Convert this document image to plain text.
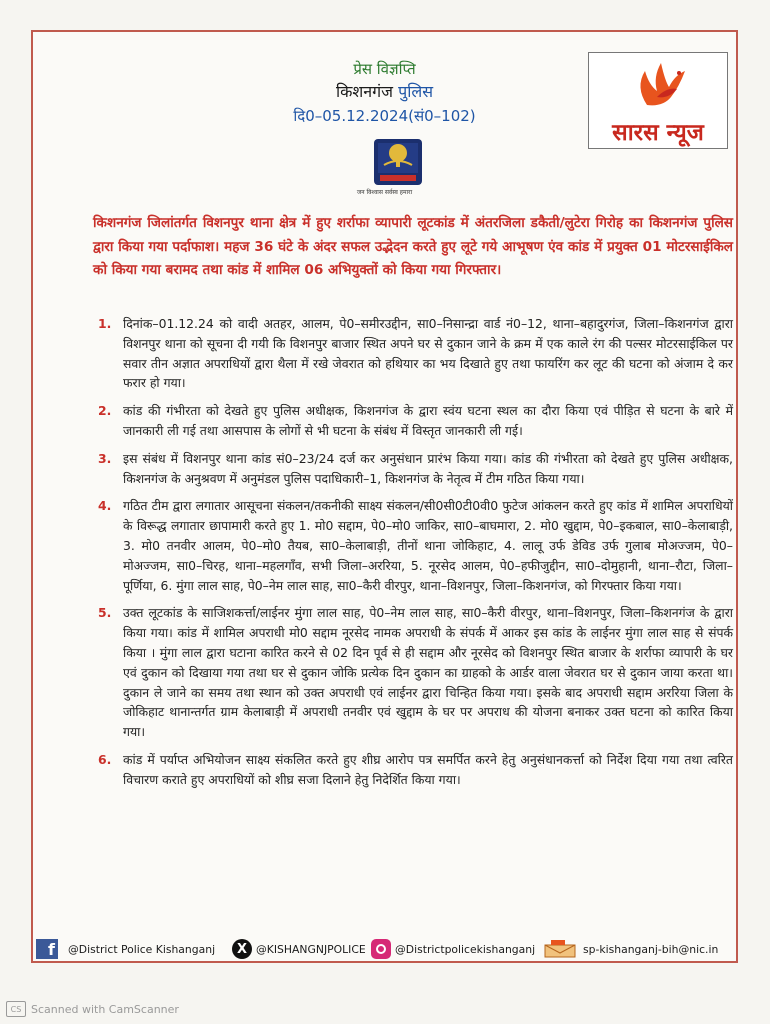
प्रेस विज्ञप्ति
किशनगंज पुलिस
दि0–05.12.2024(सं0–102)
जन विश्वास सर्वस्व हमारा
सारस न्यूज

किशनगंज जिलांतर्गत विशनपुर थाना क्षेत्र में हुए शर्राफा व्यापारी लूटकांड में अंतरजिला डकैती/लुटेरा गिरोह का किशनगंज पुलिस द्वारा किया गया पर्दाफाश। महज 36 घंटे के अंदर सफल उद्भेदन करते हुए लूटे गये आभूषण एंव कांड में प्रयुक्त 01 मोटरसाईकिल को किया गया बरामद तथा कांड में शामिल 06 अभियुक्तों को किया गया गिरफ्तार।

1. दिनांक–01.12.24 को वादी अतहर, आलम, पे0–समीरउद्दीन, सा0–निसान्द्रा वार्ड नं0–12, थाना–बहादुरगंज, जिला–किशनगंज द्वारा विशनपुर थाना को सूचना दी गयी कि विशनपुर बाजार स्थित अपने घर से दुकान जाने के क्रम में एक काले रंग की पल्सर मोटरसाईकिल पर सवार तीन अज्ञात अपराधियों द्वारा थैला में रखे जेवरात को हथियार का भय दिखाते हुए तथा फायरिंग कर लूट की घटना को अंजाम दे कर फरार हो गया।
2. कांड की गंभीरता को देखते हुए पुलिस अधीक्षक, किशनगंज के द्वारा स्वंय घटना स्थल का दौरा किया एवं पीड़ित से घटना के बारे में जानकारी ली गई तथा आसपास के लोगों से भी घटना के संबंध में विस्तृत जानकारी ली गई।
3. इस संबंध में विशनपुर थाना कांड सं0–23/24 दर्ज कर अनुसंधान प्रारंभ किया गया। कांड की गंभीरता को देखते हुए पुलिस अधीक्षक, किशनगंज के अनुश्रवण में अनुमंडल पुलिस पदाधिकारी–1, किशनगंज के नेतृत्व में टीम गठित किया गया।
4. गठित टीम द्वारा लगातार आसूचना संकलन/तकनीकी साक्ष्य संकलन/सी0सी0टी0वी0 फुटेज आंकलन करते हुए कांड में शामिल अपराधियों के विरूद्ध लगातार छापामारी करते हुए 1. मो0 सद्दाम, पे0–मो0 जाकिर, सा0–बाघमारा, 2. मो0 खुद्दाम, पे0–इकबाल, सा0–केलाबाड़ी, 3. मो0 तनवीर आलम, पे0–मो0 तैयब, सा0–केलाबाड़ी, तीनों थाना जोकिहाट, 4. लालू उर्फ डेविड उर्फ गुलाब मोअज्जम, पे0–मोअज्जम, सा0–चिरह, थाना–महलगाँव, सभी जिला–अररिया, 5. नूरसेद आलम, पे0–हफीजुद्दीन, सा0–दोमुहानी, थाना–रौटा, जिला–पूर्णिया, 6. मुंगा लाल साह, पे0–नेम लाल साह, सा0–कैरी वीरपुर, थाना–विशनपुर, जिला–किशनगंज, को गिरफ्तार किया गया।
5. उक्त लूटकांड के साजिशकर्त्ता/लाईनर मुंगा लाल साह, पे0–नेम लाल साह, सा0–कैरी वीरपुर, थाना–विशनपुर, जिला–किशनगंज के द्वारा किया गया। कांड में शामिल अपराधी मो0 सद्दाम नूरसेद नामक अपराधी के संपर्क में आकर इस कांड के लाईनर मुंगा लाल साह से संपर्क किया । मुंगा लाल द्वारा घटाना कारित करने से 02 दिन पूर्व से ही सद्दाम और नूरसेद को विशनपुर स्थित बाजार के शर्राफा व्यापारी के घर एवं दुकान को दिखाया गया तथा घर से दुकान जोकि प्रत्येक दिन दुकान का ग्राहको के आर्डर वाला जेवरात घर से दुकान जाया करता था। दुकान ले जाने का समय तथा स्थान को उक्त अपराधी एवं लाईनर द्वारा चिन्हित किया गया। इसके बाद अपराधी सद्दाम अररिया जिला के जोकिहाट थानान्तर्गत ग्राम केलाबाड़ी में अपराधी तनवीर एवं खुद्दाम के घर पर अपराध की योजना बनाकर उक्त घटना को कारित किया गया।
6. कांड में पर्याप्त अभियोजन साक्ष्य संकलित करते हुए शीघ्र आरोप पत्र समर्पित करने हेतु अनुसंधानकर्त्ता को निर्देश दिया गया तथा त्वरित विचारण कराते हुए अपराधियों को शीघ्र सजा दिलाने हेतु निदेर्शित किया गया।
f @District Police Kishanganj	X @KISHANGNJPOLICE	@Districtpolicekishanganj	sp-kishanganj-bih@nic.in
CS Scanned with CamScanner
